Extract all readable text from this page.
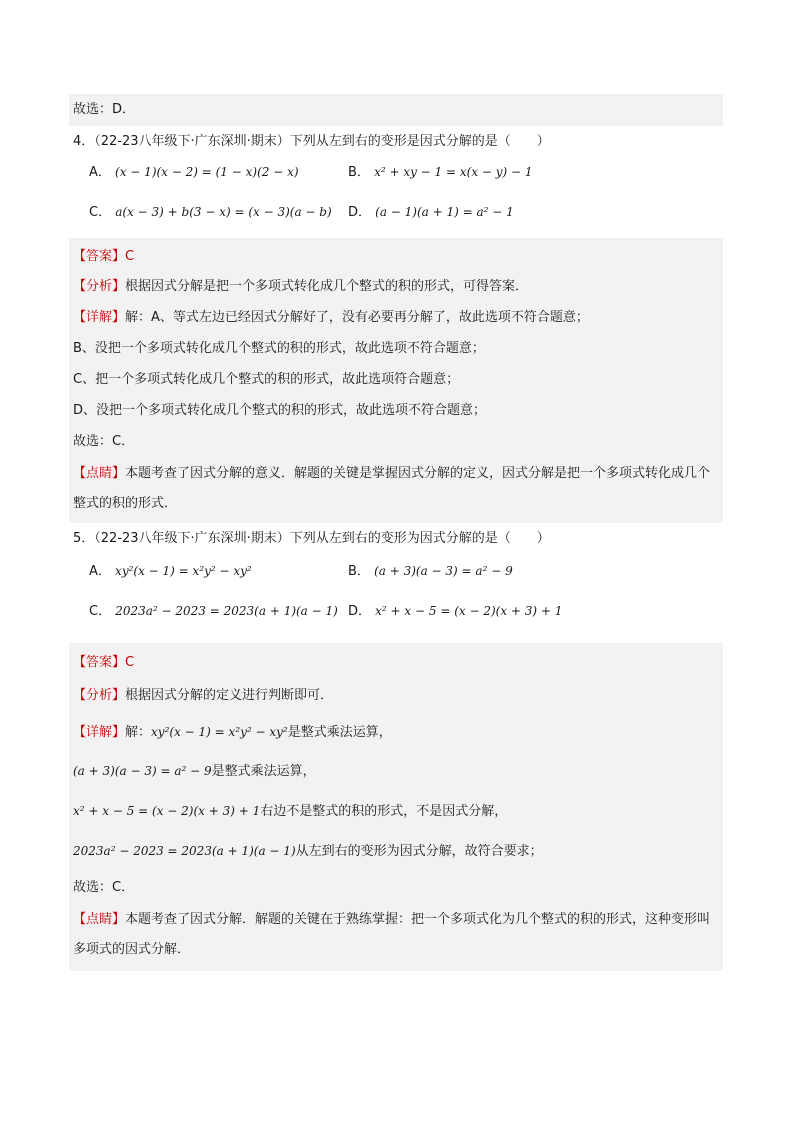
故选：D．
4．（22-23八年级下·广东深圳·期末）下列从左到右的变形是因式分解的是（　　）
A． (x − 1)(x − 2) = (1 − x)(2 − x)	B． x² + xy − 1 = x(x − y) − 1
C． a(x − 3) + b(3 − x) = (x − 3)(a − b) D． (a − 1)(a + 1) = a² − 1
【答案】C
【分析】根据因式分解是把一个多项式转化成几个整式的积的形式，可得答案．
【详解】解：A、等式左边已经因式分解好了，没有必要再分解了，故此选项不符合题意；
B、没把一个多项式转化成几个整式的积的形式，故此选项不符合题意；
C、把一个多项式转化成几个整式的积的形式，故此选项符合题意；
D、没把一个多项式转化成几个整式的积的形式，故此选项不符合题意；
故选：C．
【点睛】本题考查了因式分解的意义．解题的关键是掌握因式分解的定义，因式分解是把一个多项式转化成几个整式的积的形式．
5．（22-23八年级下·广东深圳·期末）下列从左到右的变形为因式分解的是（　　）
A． xy²(x − 1) = x²y² − xy²	B． (a + 3)(a − 3) = a² − 9
C． 2023a² − 2023 = 2023(a + 1)(a − 1) D． x² + x − 5 = (x − 2)(x + 3) + 1
【答案】C
【分析】根据因式分解的定义进行判断即可．
【详解】解：xy²(x − 1) = x²y² − xy²是整式乘法运算，
(a + 3)(a − 3) = a² − 9是整式乘法运算，
x² + x − 5 = (x − 2)(x + 3) + 1右边不是整式的积的形式，不是因式分解，
2023a² − 2023 = 2023(a + 1)(a − 1)从左到右的变形为因式分解，故符合要求；
故选：C．
【点睛】本题考查了因式分解．解题的关键在于熟练掌握：把一个多项式化为几个整式的积的形式，这种变形叫多项式的因式分解．
